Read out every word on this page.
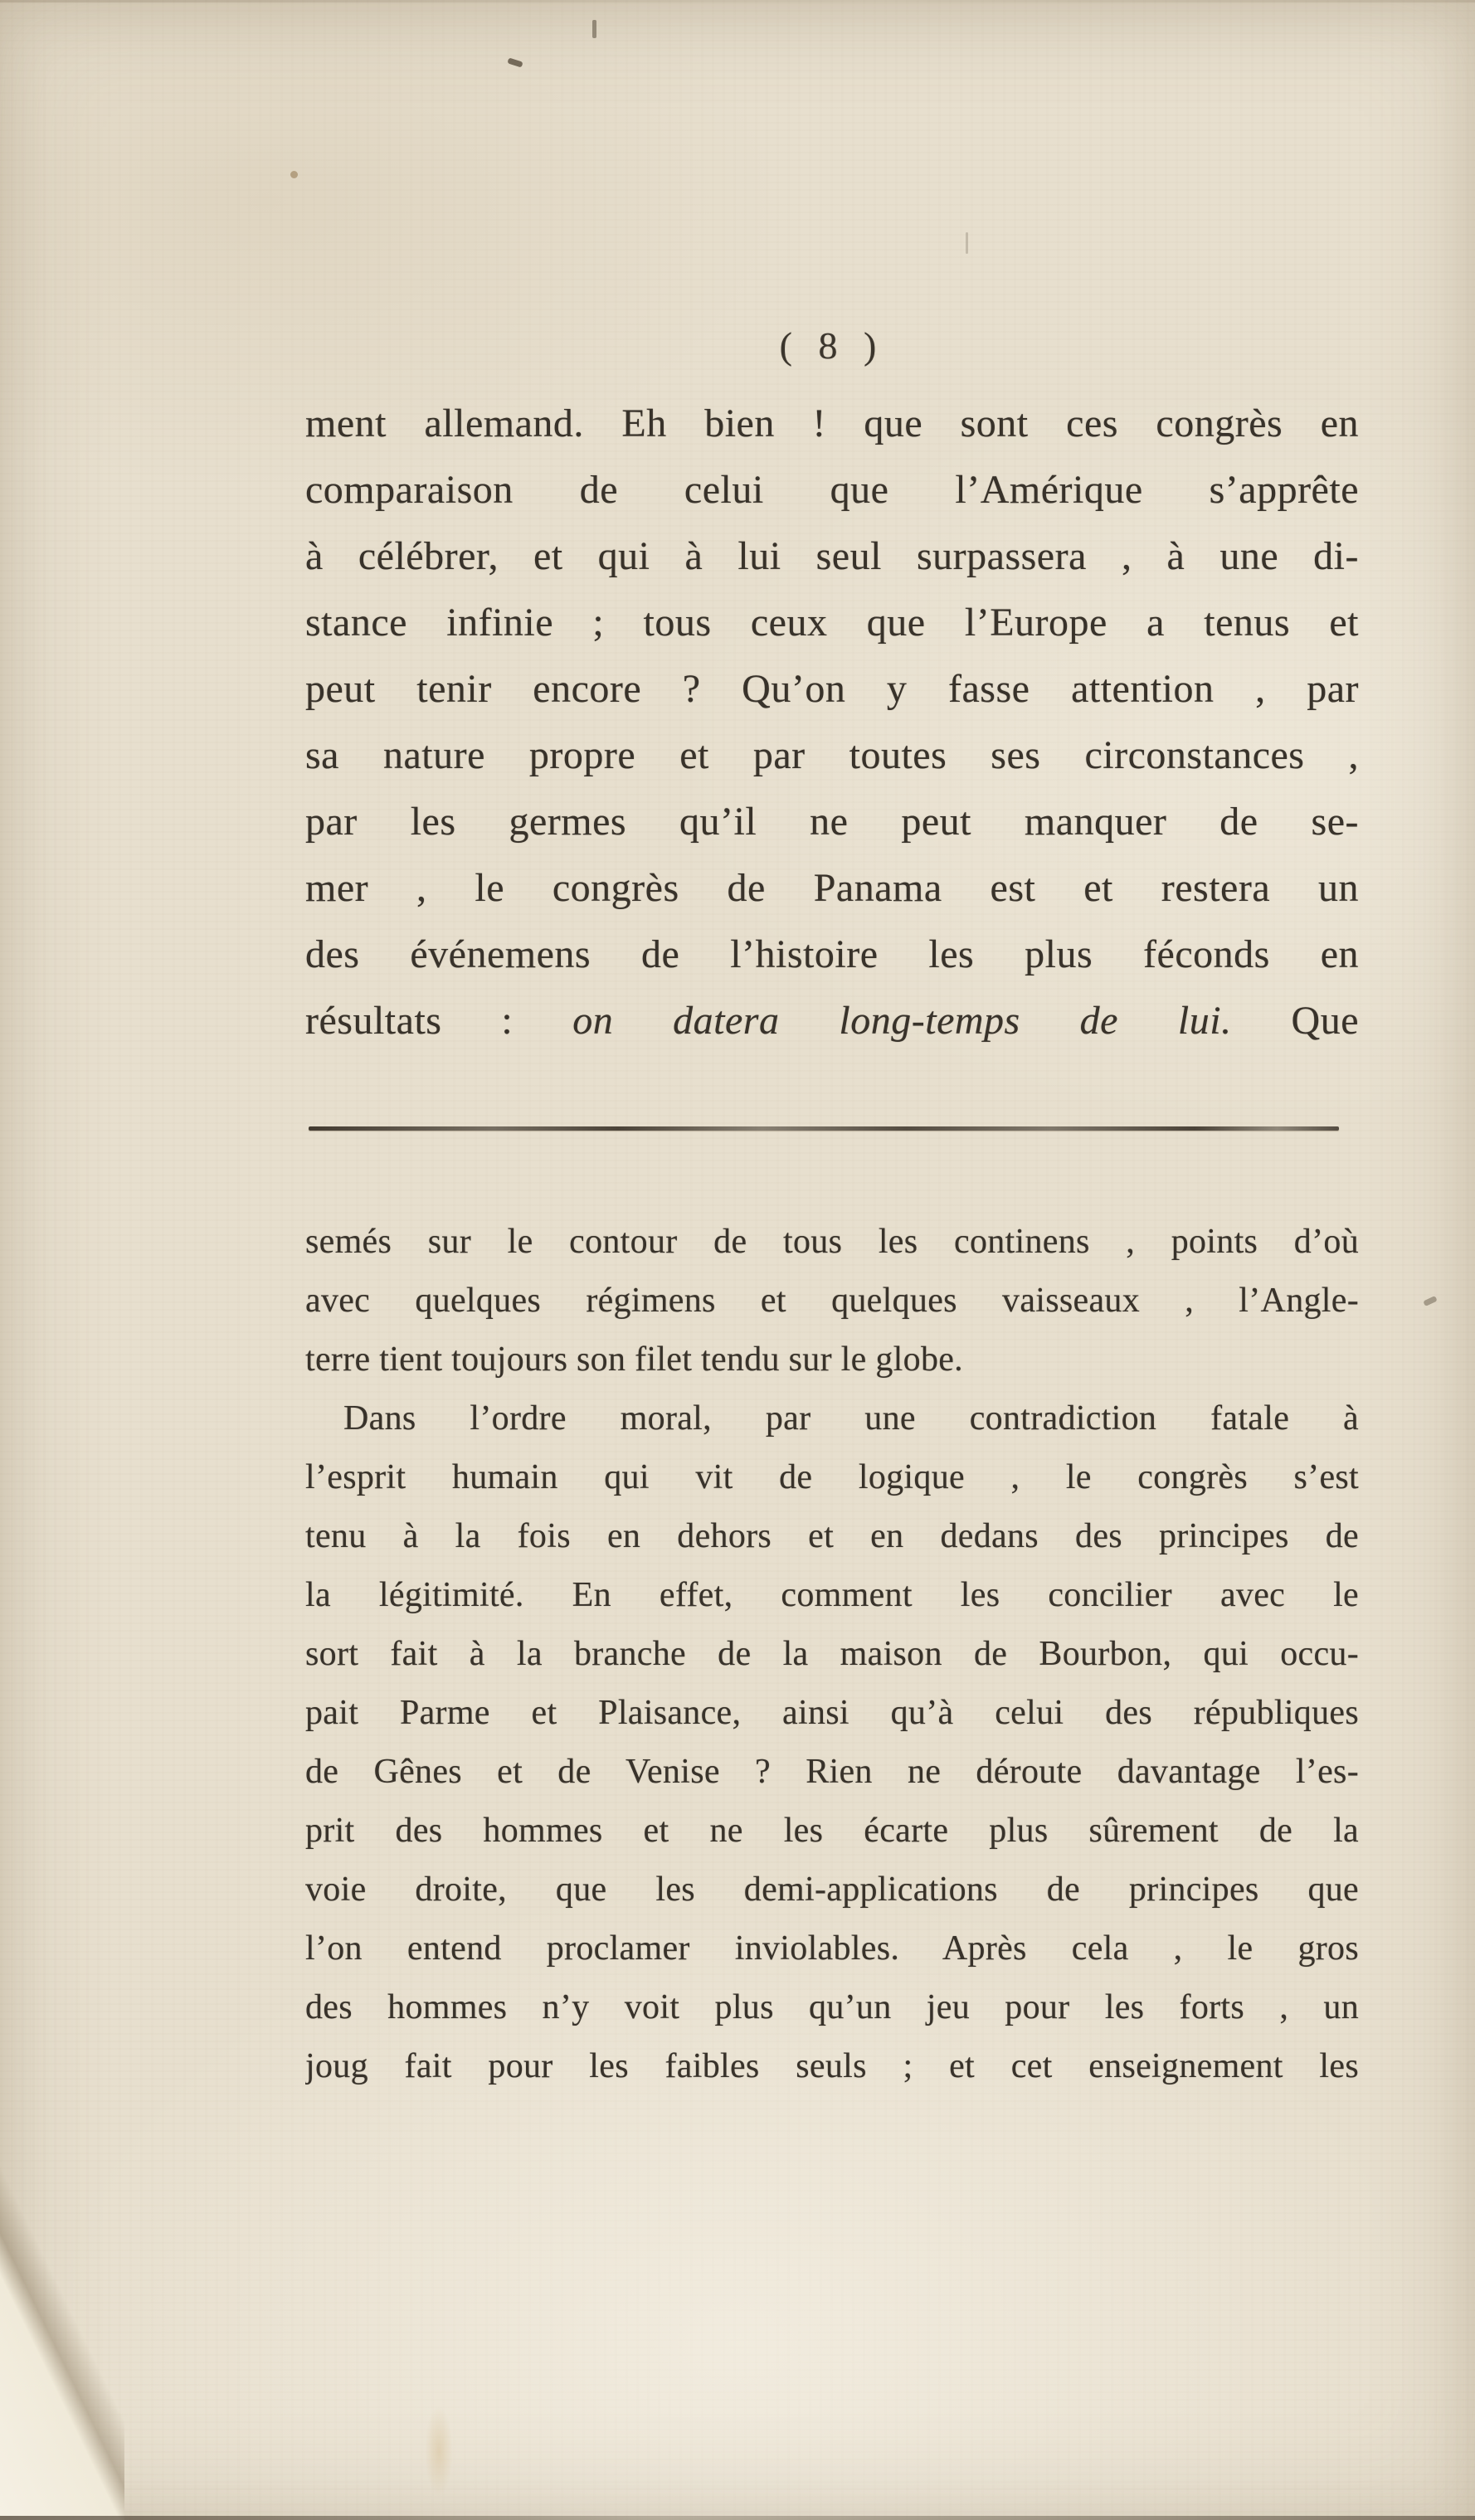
( 8 )
ment allemand. Eh bien ! que sont ces congrès en
comparaison de celui que l’Amérique s’apprête
à célébrer, et qui à lui seul surpassera , à une di-
stance infinie ; tous ceux que l’Europe a tenus et
peut tenir encore ? Qu’on y fasse attention , par
sa nature propre et par toutes ses circonstances ,
par les germes qu’il ne peut manquer de se-
mer , le congrès de Panama est et restera un
des événemens de l’histoire les plus féconds en
résultats : on datera long-temps de lui. Que
semés sur le contour de tous les continens , points d’où
avec quelques régimens et quelques vaisseaux , l’Angle-
terre tient toujours son filet tendu sur le globe.
Dans l’ordre moral, par une contradiction fatale à
l’esprit humain qui vit de logique , le congrès s’est
tenu à la fois en dehors et en dedans des principes de
la légitimité. En effet, comment les concilier avec le
sort fait à la branche de la maison de Bourbon, qui occu-
pait Parme et Plaisance, ainsi qu’à celui des républiques
de Gênes et de Venise ? Rien ne déroute davantage l’es-
prit des hommes et ne les écarte plus sûrement de la
voie droite, que les demi-applications de principes que
l’on entend proclamer inviolables. Après cela , le gros
des hommes n’y voit plus qu’un jeu pour les forts , un
joug fait pour les faibles seuls ; et cet enseignement les
